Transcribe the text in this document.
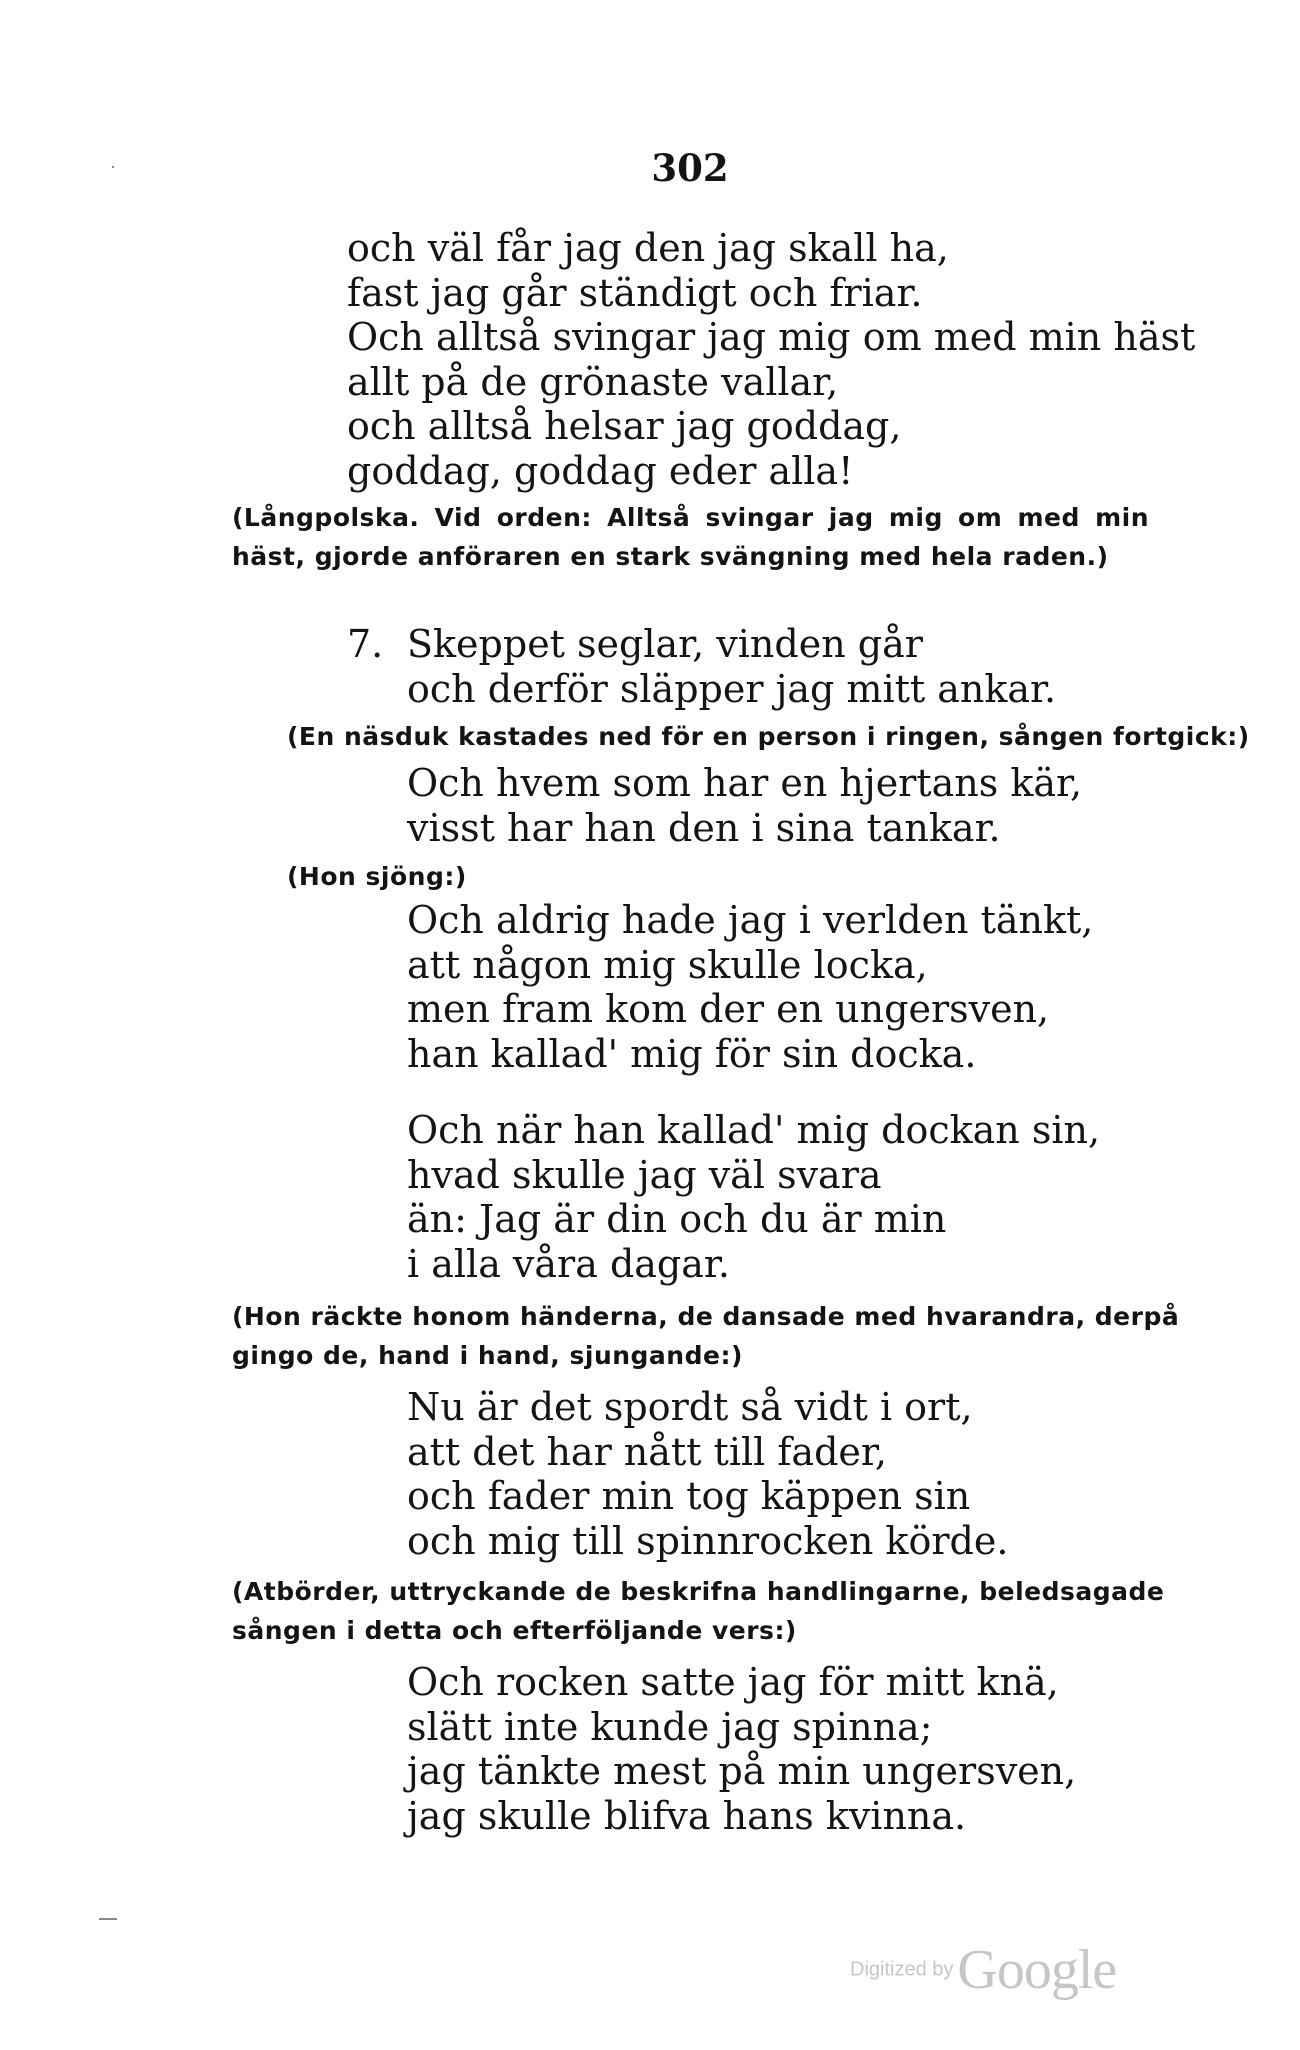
302
och väl får jag den jag skall ha,
fast jag går ständigt och friar.
Och alltså svingar jag mig om med min häst
allt på de grönaste vallar,
och alltså helsar jag goddag,
goddag, goddag eder alla!
(Långpolska. Vid orden: Alltså svingar jag mig om med min
häst, gjorde anföraren en stark svängning med hela raden.)
7. Skeppet seglar, vinden går
och derför släpper jag mitt ankar.
(En näsduk kastades ned för en person i ringen, sången fortgick:)
Och hvem som har en hjertans kär,
visst har han den i sina tankar.
(Hon sjöng:)
Och aldrig hade jag i verlden tänkt,
att någon mig skulle locka,
men fram kom der en ungersven,
han kallad' mig för sin docka.
Och när han kallad' mig dockan sin,
hvad skulle jag väl svara
än: Jag är din och du är min
i alla våra dagar.
(Hon räckte honom händerna, de dansade med hvarandra, derpå
gingo de, hand i hand, sjungande:)
Nu är det spordt så vidt i ort,
att det har nått till fader,
och fader min tog käppen sin
och mig till spinnrocken körde.
(Atbörder, uttryckande de beskrifna handlingarne, beledsagade
sången i detta och efterföljande vers:)
Och rocken satte jag för mitt knä,
slätt inte kunde jag spinna;
jag tänkte mest på min ungersven,
jag skulle blifva hans kvinna.
Digitized by Google
